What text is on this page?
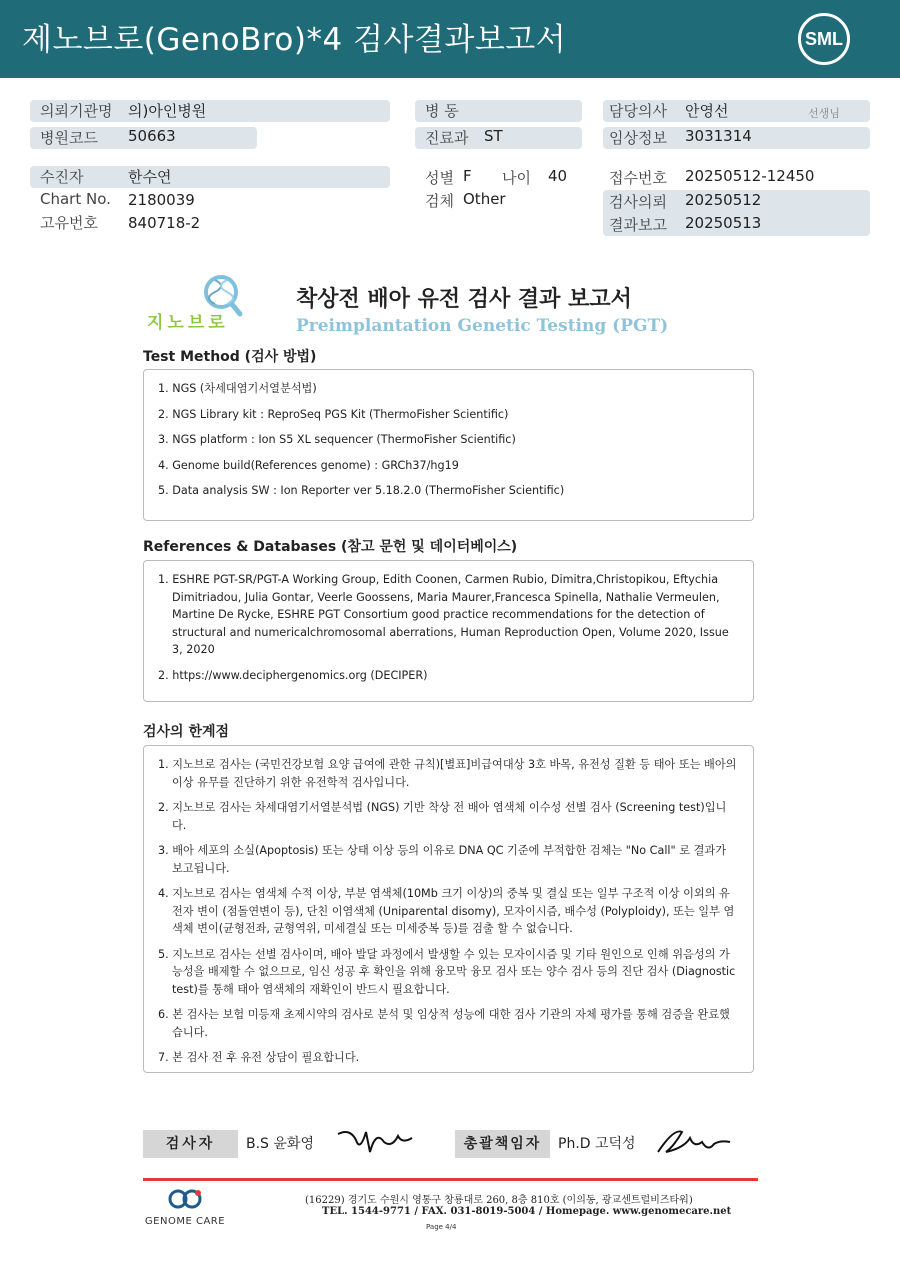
제노브로(GenoBro)*4 검사결과보고서	SML
의뢰기관명 의)아인병원
병원코드 50663
수진자	한수연
Chart No. 2180039
고유번호 840718-2
병 동
진료과 ST
성별 F 나이 40
검체 Other
담당의사 안영선	선생님
임상정보 3031314
접수번호 20250512-12450
검사의뢰 20250512
결과보고 20250513
지노브로
착상전 배아 유전 검사 결과 보고서
Preimplantation Genetic Testing (PGT)
Test Method (검사 방법)
1. NGS (차세대염기서열분석법)
2. NGS Library kit : ReproSeq PGS Kit (ThermoFisher Scientific)
3. NGS platform : Ion S5 XL sequencer (ThermoFisher Scientific)
4. Genome build(References genome) : GRCh37/hg19
5. Data analysis SW : Ion Reporter ver 5.18.2.0 (ThermoFisher Scientific)
References & Databases (참고 문헌 및 데이터베이스)
1. ESHRE PGT-SR/PGT-A Working Group, Edith Coonen, Carmen Rubio, Dimitra,Christopikou, Eftychia Dimitriadou, Julia Gontar, Veerle Goossens, Maria Maurer,Francesca Spinella, Nathalie Vermeulen, Martine De Rycke, ESHRE PGT Consortium good practice recommendations for the detection of structural and numericalchromosomal aberrations, Human Reproduction Open, Volume 2020, Issue 3, 2020
2. https://www.deciphergenomics.org (DECIPER)
검사의 한계점
1. 지노브로 검사는 (국민건강보험 요양 급여에 관한 규칙)[별표]비급여대상 3호 바목, 유전성 질환 등 태아 또는 배아의 이상 유무를 진단하기 위한 유전학적 검사입니다.
2. 지노브로 검사는 차세대염기서열분석법 (NGS) 기반 착상 전 배아 염색체 이수성 선별 검사 (Screening test)입니다.
3. 배아 세포의 소실(Apoptosis) 또는 상태 이상 등의 이유로 DNA QC 기준에 부적합한 검체는 "No Call" 로 결과가 보고됩니다.
4. 지노브로 검사는 염색체 수적 이상, 부분 염색체(10Mb 크기 이상)의 중복 및 결실 또는 일부 구조적 이상 이외의 유전자 변이 (점돌연변이 등), 단친 이염색체 (Uniparental disomy), 모자이시즘, 배수성 (Polyploidy), 또는 일부 염색체 변이(균형전좌, 균형역위, 미세결실 또는 미세중복 등)를 검출 할 수 없습니다.
5. 지노브로 검사는 선별 검사이며, 배아 발달 과정에서 발생할 수 있는 모자이시즘 및 기타 원인으로 인해 위음성의 가능성을 배제할 수 없으므로, 임신 성공 후 확인을 위해 융모막 융모 검사 또는 양수 검사 등의 진단 검사 (Diagnostic test)를 통해 태아 염색체의 재확인이 반드시 필요합니다.
6. 본 검사는 보험 미등재 초제시약의 검사로 분석 및 임상적 성능에 대한 검사 기관의 자체 평가를 통해 검증을 완료했습니다.
7. 본 검사 전 후 유전 상담이 필요합니다.
검사자	B.S 윤화영	총괄책임자	Ph.D 고덕성
GENOME CARE
(16229) 경기도 수원시 영통구 창룡대로 260, 8층 810호 (이의동, 광교센트럴비즈타워)
TEL. 1544-9771 / FAX. 031-8019-5004 / Homepage. www.genomecare.net
Page 4/4
